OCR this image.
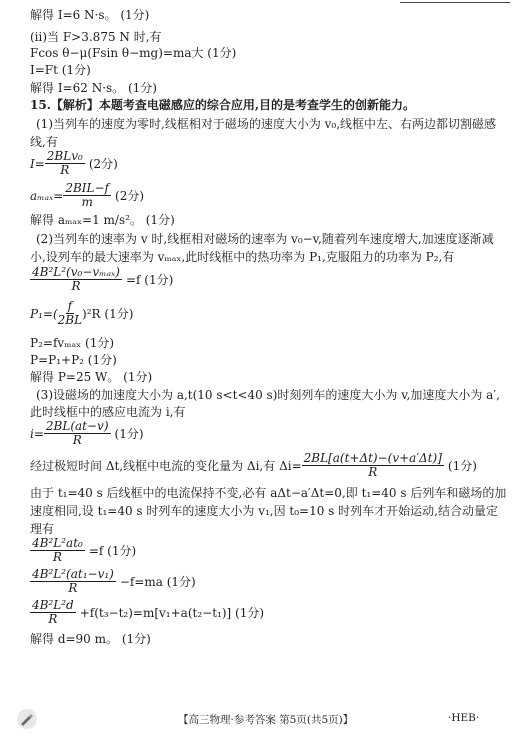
解得 I=6 N·s。 (1分)
(ⅱ)当 F>3.875 N 时,有
Fcos θ−μ(Fsin θ−mg)=ma大 (1分)
I=Ft (1分)
解得 I=62 N·s。 (1分)
15.【解析】本题考查电磁感应的综合应用,目的是考查学生的创新能力。
(1)当列车的速度为零时,线框相对于磁场的速度大小为 v₀,线框中左、右两边都切割磁感
线,有
$I= \frac{\text{2BLv₀}}{R} (2$分)
$a_{max}= \frac{\text{2BIL−f}}{m} (2$分)
解得 aₘₐₓ=1 m/s²。 (1分)
(2)当列车的速率为 v 时,线框相对磁场的速率为 v₀−v,随着列车速度增大,加速度逐渐减
小,设列车的最大速率为 vₘₐₓ,此时线框中的热功率为 P₁,克服阻力的功率为 P₂,有
$\frac{\text{4B²L²(v₀−vₘₐₓ)}}{R} =f$ (1分)
$P_1=( \frac{f}{2BL} )^2R$ (1分)
P₂=fvₘₐₓ (1分)
P=P₁+P₂ (1分)
解得 P=25 W。 (1分)
(3)设磁场的加速度大小为 a,t(10 s<t<40 s)时刻列车的速度大小为 v,加速度大小为 a′,
此时线框中的感应电流为 i,有
$i= \frac{2BL(at-v)}{R} (1$分)
经过极短时间 Δt,线框中电流的变化量为 Δi,有 $\Delta i= \frac{2BL[a(t+\Delta t)-(v+a'\Delta t)]}{R} (1$分)
由于 t₁=40 s 后线框中的电流保持不变,必有 aΔt−a′Δt=0,即 t₁=40 s 后列车和磁场的加
速度相同,设 t₁=40 s 时列车的速度大小为 v₁,因 t₀=10 s 时列车才开始运动,结合动量定
理有
$\frac{\text{4B²L²at₀}}{R} =f$ (1分)
$\frac{\text{4B²L²(at₁−v₁)}}{R} -f=ma$ (1分)
$\frac{\text{4B²L²d}}{R} +f(t_3-t_2)=m[v_1+a(t_2-t_1)]$ (1分)
解得 d=90 m。 (1分)
【高三物理·参考答案 第5页(共5页)】	·HEB·
